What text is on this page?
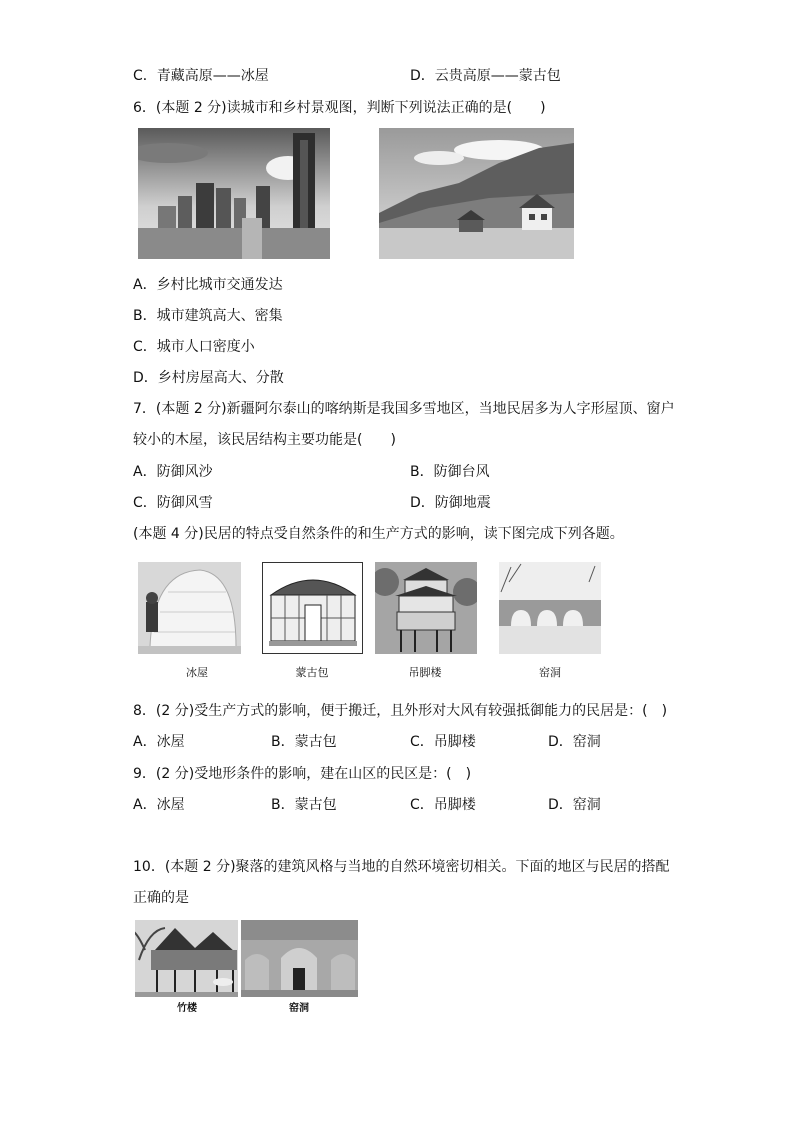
C．青藏高原——冰屋	D．云贵高原——蒙古包
6．(本题 2 分)读城市和乡村景观图，判断下列说法正确的是(　　)
A．乡村比城市交通发达
B．城市建筑高大、密集
C．城市人口密度小
D．乡村房屋高大、分散
7．(本题 2 分)新疆阿尔泰山的喀纳斯是我国多雪地区，当地民居多为人字形屋顶、窗户
较小的木屋，该民居结构主要功能是(　　)
A．防御风沙	B．防御台风
C．防御风雪	D．防御地震
(本题 4 分)民居的特点受自然条件的和生产方式的影响，读下图完成下列各题。
冰屋	蒙古包	吊脚楼	窑洞
8．(2 分)受生产方式的影响，便于搬迁，且外形对大风有较强抵御能力的民居是：(　)
A．冰屋	B．蒙古包	C．吊脚楼	D．窑洞
9．(2 分)受地形条件的影响，建在山区的民区是：(　)
A．冰屋	B．蒙古包	C．吊脚楼	D．窑洞
10．(本题 2 分)聚落的建筑风格与当地的自然环境密切相关。下面的地区与民居的搭配
正确的是
竹楼	窑洞
